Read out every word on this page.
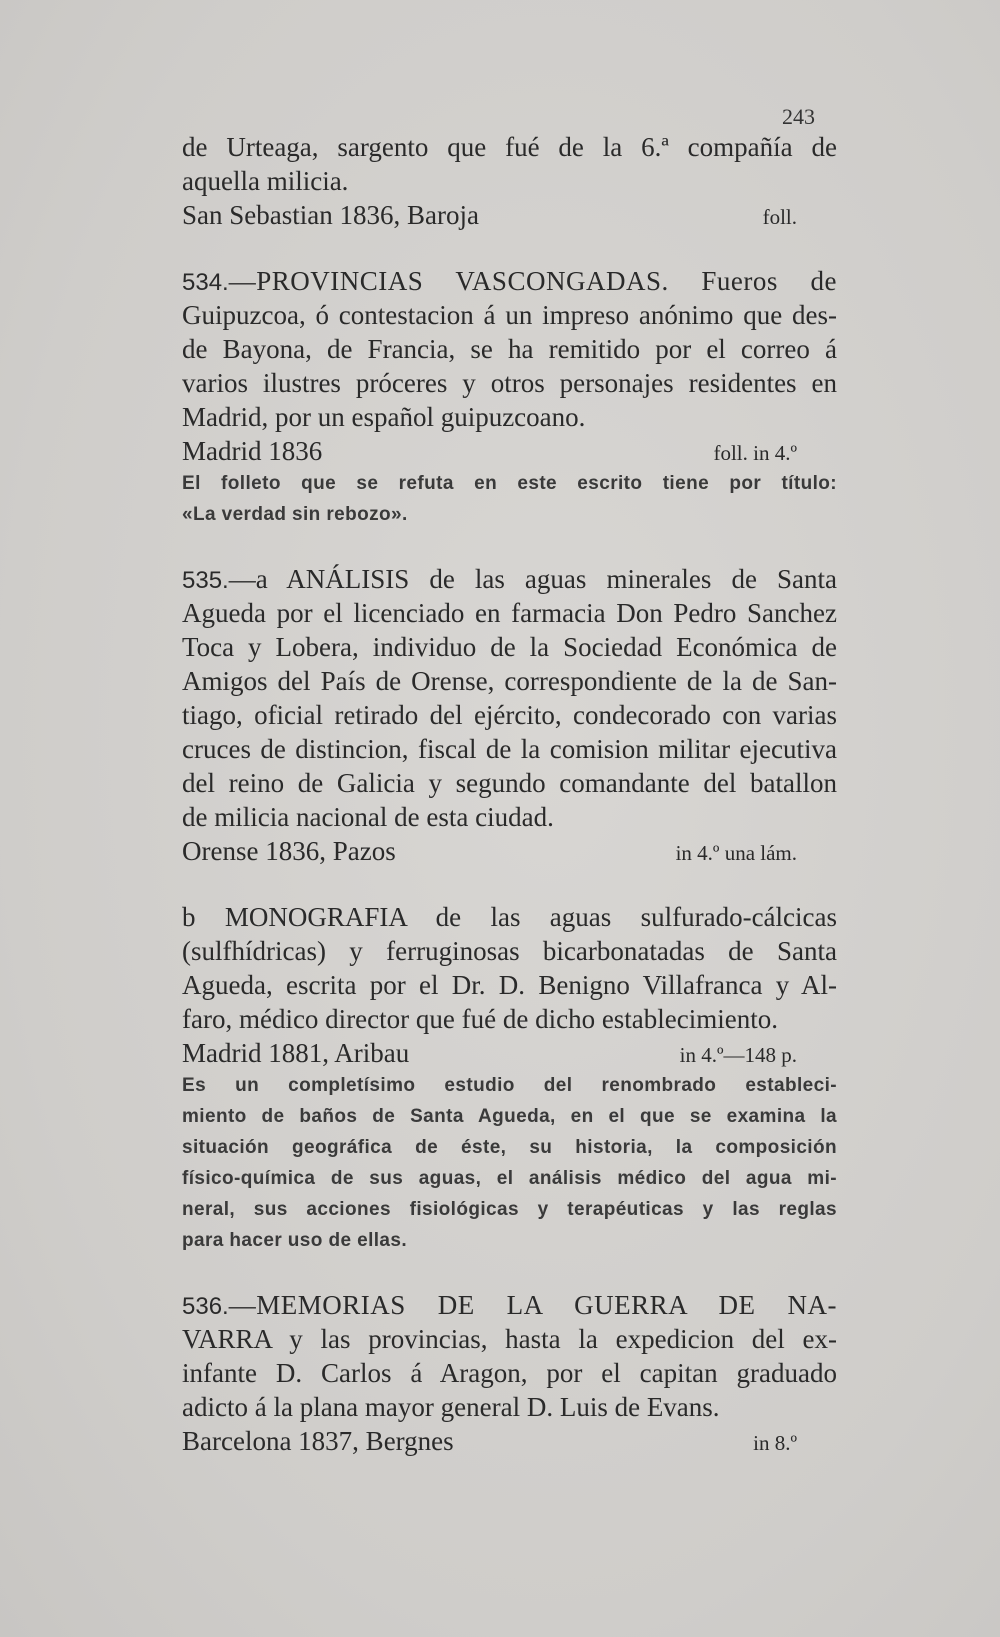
243
de Urteaga, sargento que fué de la 6.ª compañía de
aquella milicia.
San Sebastian 1836, Baroja	foll.
534.—PROVINCIAS VASCONGADAS. Fueros de
Guipuzcoa, ó contestacion á un impreso anónimo que des-
de Bayona, de Francia, se ha remitido por el correo á
varios ilustres próceres y otros personajes residentes en
Madrid, por un español guipuzcoano.
Madrid 1836	foll. in 4.º
El folleto que se refuta en este escrito tiene por título:
«La verdad sin rebozo».
535.—a ANÁLISIS de las aguas minerales de Santa
Agueda por el licenciado en farmacia Don Pedro Sanchez
Toca y Lobera, individuo de la Sociedad Económica de
Amigos del País de Orense, correspondiente de la de San-
tiago, oficial retirado del ejército, condecorado con varias
cruces de distincion, fiscal de la comision militar ejecutiva
del reino de Galicia y segundo comandante del batallon
de milicia nacional de esta ciudad.
Orense 1836, Pazos	in 4.º una lám.
b MONOGRAFIA de las aguas sulfurado-cálcicas
(sulfhídricas) y ferruginosas bicarbonatadas de Santa
Agueda, escrita por el Dr. D. Benigno Villafranca y Al-
faro, médico director que fué de dicho establecimiento.
Madrid 1881, Aribau	in 4.º—148 p.
Es un completísimo estudio del renombrado estableci-
miento de baños de Santa Agueda, en el que se examina la
situación geográfica de éste, su historia, la composición
físico-química de sus aguas, el análisis médico del agua mi-
neral, sus acciones fisiológicas y terapéuticas y las reglas
para hacer uso de ellas.
536.—MEMORIAS DE LA GUERRA DE NA-
VARRA y las provincias, hasta la expedicion del ex-
infante D. Carlos á Aragon, por el capitan graduado
adicto á la plana mayor general D. Luis de Evans.
Barcelona 1837, Bergnes	in 8.º
